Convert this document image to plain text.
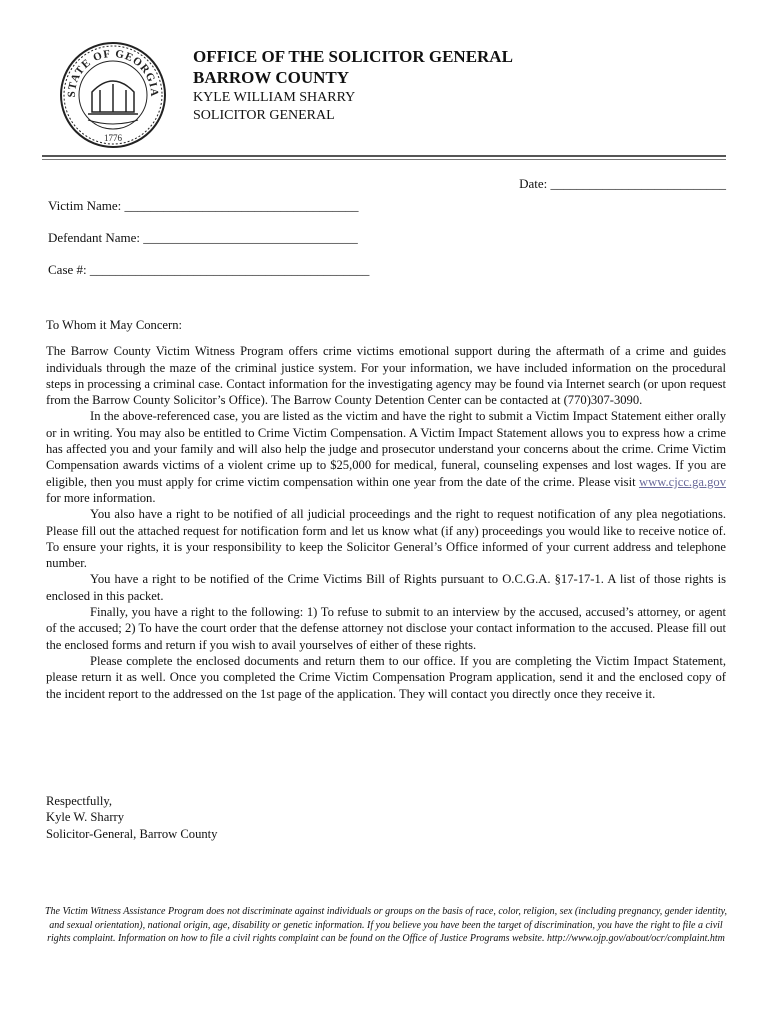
STATE OF GEORGIA
1776
OFFICE OF THE SOLICITOR GENERAL
BARROW COUNTY
KYLE WILLIAM SHARRY
SOLICITOR GENERAL
Date: ___________________________
Victim Name: ____________________________________
Defendant Name: _________________________________
Case #: ___________________________________________

To Whom it May Concern:

The Barrow County Victim Witness Program offers crime victims emotional support during the aftermath of a crime and guides individuals through the maze of the criminal justice system. For your information, we have included information on the procedural steps in processing a criminal case. Contact information for the investigating agency may be found via Internet search (or upon request from the Barrow County Solicitor’s Office). The Barrow County Detention Center can be contacted at (770)307-3090.

In the above-referenced case, you are listed as the victim and have the right to submit a Victim Impact Statement either orally or in writing. You may also be entitled to Crime Victim Compensation. A Victim Impact Statement allows you to express how a crime has affected you and your family and will also help the judge and prosecutor understand your concerns about the crime. Crime Victim Compensation awards victims of a violent crime up to $25,000 for medical, funeral, counseling expenses and lost wages. If you are eligible, then you must apply for crime victim compensation within one year from the date of the crime. Please visit www.cjcc.ga.gov for more information.

You also have a right to be notified of all judicial proceedings and the right to request notification of any plea negotiations. Please fill out the attached request for notification form and let us know what (if any) proceedings you would like to receive notice of. To ensure your rights, it is your responsibility to keep the Solicitor General’s Office informed of your current address and telephone number.

You have a right to be notified of the Crime Victims Bill of Rights pursuant to O.C.G.A. §17-17-1. A list of those rights is enclosed in this packet.

Finally, you have a right to the following: 1) To refuse to submit to an interview by the accused, accused’s attorney, or agent of the accused; 2) To have the court order that the defense attorney not disclose your contact information to the accused. Please fill out the enclosed forms and return if you wish to avail yourselves of either of these rights.

Please complete the enclosed documents and return them to our office. If you are completing the Victim Impact Statement, please return it as well. Once you completed the Crime Victim Compensation Program application, send it and the enclosed copy of the incident report to the addressed on the 1st page of the application. They will contact you directly once they receive it.

Respectfully,
Kyle W. Sharry
Solicitor-General, Barrow County
The Victim Witness Assistance Program does not discriminate against individuals or groups on the basis of race, color, religion, sex (including pregnancy, gender identity, and sexual orientation), national origin, age, disability or genetic information. If you believe you have been the target of discrimination, you have the right to file a civil rights complaint. Information on how to file a civil rights complaint can be found on the Office of Justice Programs website. http://www.ojp.gov/about/ocr/complaint.htm
